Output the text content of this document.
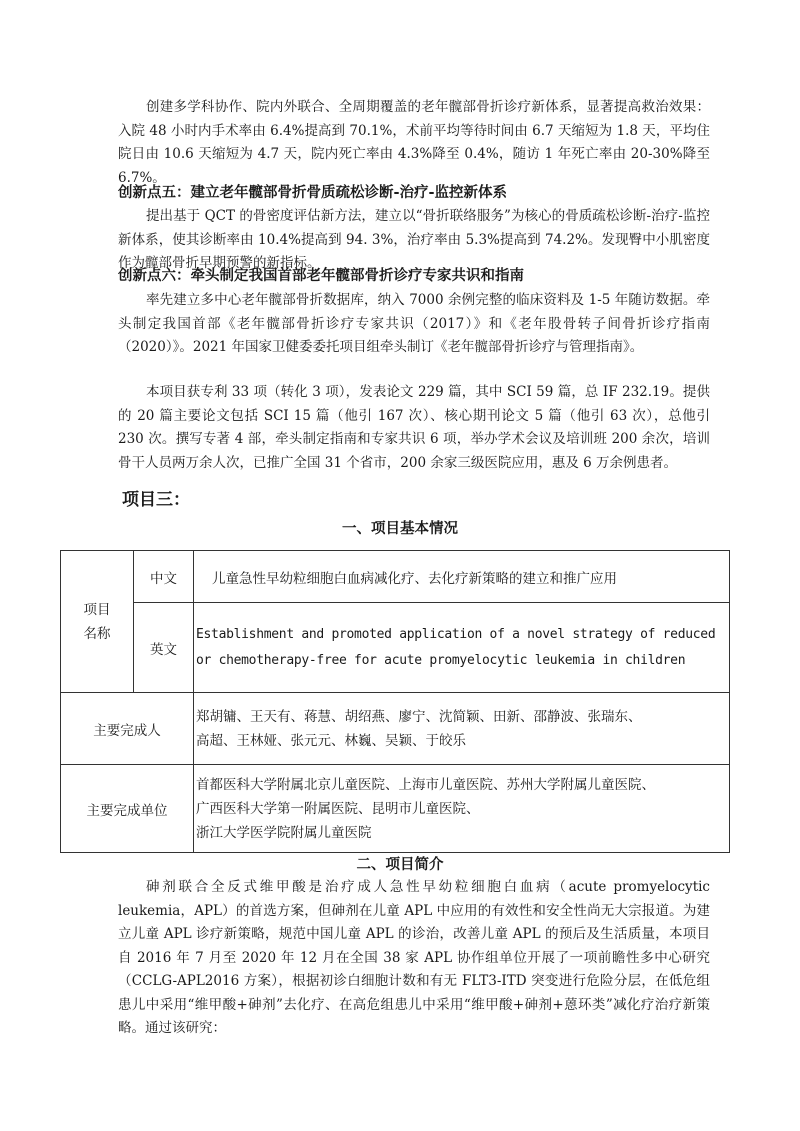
创建多学科协作、院内外联合、全周期覆盖的老年髋部骨折诊疗新体系，显著提高救治效果：入院 48 小时内手术率由 6.4%提高到 70.1%，术前平均等待时间由 6.7 天缩短为 1.8 天，平均住院日由 10.6 天缩短为 4.7 天，院内死亡率由 4.3%降至 0.4%，随访 1 年死亡率由 20-30%降至 6.7%。

创新点五：建立老年髋部骨折骨质疏松诊断-治疗-监控新体系

提出基于 QCT 的骨密度评估新方法，建立以“骨折联络服务”为核心的骨质疏松诊断-治疗-监控新体系，使其诊断率由 10.4%提高到 94. 3%，治疗率由 5.3%提高到 74.2%。发现臀中小肌密度作为髋部骨折早期预警的新指标。

创新点六：牵头制定我国首部老年髋部骨折诊疗专家共识和指南

率先建立多中心老年髋部骨折数据库，纳入 7000 余例完整的临床资料及 1-5 年随访数据。牵头制定我国首部《老年髋部骨折诊疗专家共识（2017）》和《老年股骨转子间骨折诊疗指南（2020）》。2021 年国家卫健委委托项目组牵头制订《老年髋部骨折诊疗与管理指南》。

本项目获专利 33 项（转化 3 项），发表论文 229 篇，其中 SCI 59 篇，总 IF 232.19。提供的 20 篇主要论文包括 SCI 15 篇（他引 167 次）、核心期刊论文 5 篇（他引 63 次），总他引 230 次。撰写专著 4 部，牵头制定指南和专家共识 6 项，举办学术会议及培训班 200 余次，培训骨干人员两万余人次，已推广全国 31 个省市，200 余家三级医院应用，惠及 6 万余例患者。

项目三：

一、项目基本情况

项目名称	中文	儿童急性早幼粒细胞白血病减化疗、去化疗新策略的建立和推广应用
	英文	Establishment and promoted application of a novel strategy of reduced or chemotherapy-free for acute promyelocytic leukemia in children
主要完成人		郑胡镛、王天有、蒋慧、胡绍燕、廖宁、沈简颖、田新、邵静波、张瑞东、
高超、王林娅、张元元、林巍、吴颖、于皎乐

主要完成单位		首都医科大学附属北京儿童医院、上海市儿童医院、苏州大学附属儿童医院、
广西医科大学第一附属医院、昆明市儿童医院、
浙江大学医学院附属儿童医院

二、项目简介

砷剂联合全反式维甲酸是治疗成人急性早幼粒细胞白血病（acute promyelocytic leukemia，APL）的首选方案，但砷剂在儿童 APL 中应用的有效性和安全性尚无大宗报道。为建立儿童 APL 诊疗新策略，规范中国儿童 APL 的诊治，改善儿童 APL 的预后及生活质量，本项目自 2016 年 7 月至 2020 年 12 月在全国 38 家 APL 协作组单位开展了一项前瞻性多中心研究（CCLG-APL2016 方案），根据初诊白细胞计数和有无 FLT3-ITD 突变进行危险分层，在低危组患儿中采用“维甲酸+砷剂”去化疗、在高危组患儿中采用“维甲酸+砷剂+蒽环类”减化疗治疗新策略。通过该研究：
